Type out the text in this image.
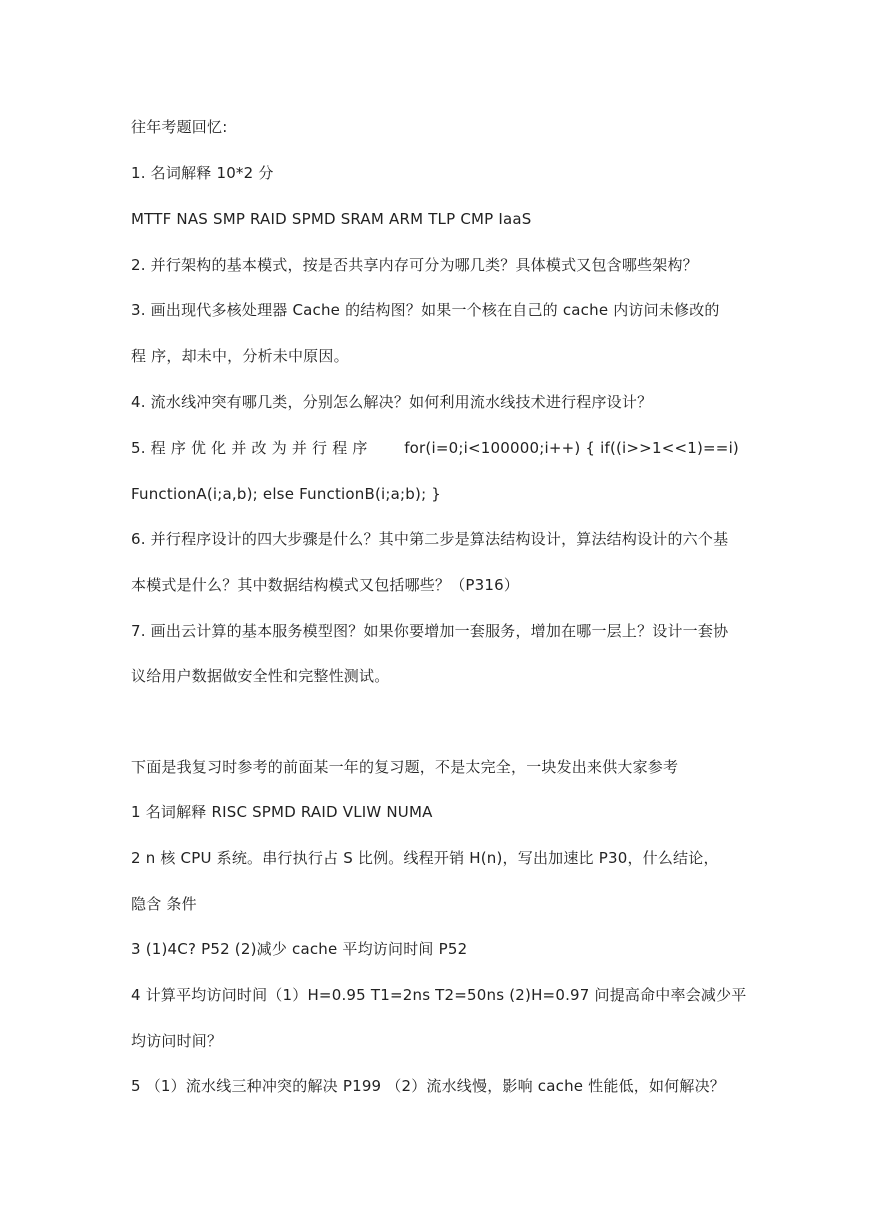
往年考题回忆:
1. 名词解释 10*2 分
MTTF NAS SMP RAID SPMD SRAM ARM TLP CMP IaaS
2. 并行架构的基本模式，按是否共享内存可分为哪几类？具体模式又包含哪些架构？
3. 画出现代多核处理器 Cache 的结构图？如果一个核在自己的 cache 内访问未修改的
程 序，却未中，分析未中原因。
4. 流水线冲突有哪几类，分别怎么解决？如何利用流水线技术进行程序设计？
5. 程 序 优 化 并 改 为 并 行 程 序 for(i=0;i<100000;i++) { if((i>>1<<1)==i)
FunctionA(i;a,b); else FunctionB(i;a;b); }
6. 并行程序设计的四大步骤是什么？其中第二步是算法结构设计，算法结构设计的六个基
本模式是什么？其中数据结构模式又包括哪些？（P316）
7. 画出云计算的基本服务模型图？如果你要增加一套服务，增加在哪一层上？设计一套协
议给用户数据做安全性和完整性测试。
下面是我复习时参考的前面某一年的复习题，不是太完全，一块发出来供大家参考
1 名词解释 RISC SPMD RAID VLIW NUMA
2 n 核 CPU 系统。串行执行占 S 比例。线程开销 H(n)，写出加速比 P30，什么结论，
隐含 条件
3 (1)4C? P52 (2)减少 cache 平均访问时间 P52
4 计算平均访问时间（1）H=0.95 T1=2ns T2=50ns (2)H=0.97 问提高命中率会减少平
均访问时间？
5 （1）流水线三种冲突的解决 P199 （2）流水线慢，影响 cache 性能低，如何解决？
